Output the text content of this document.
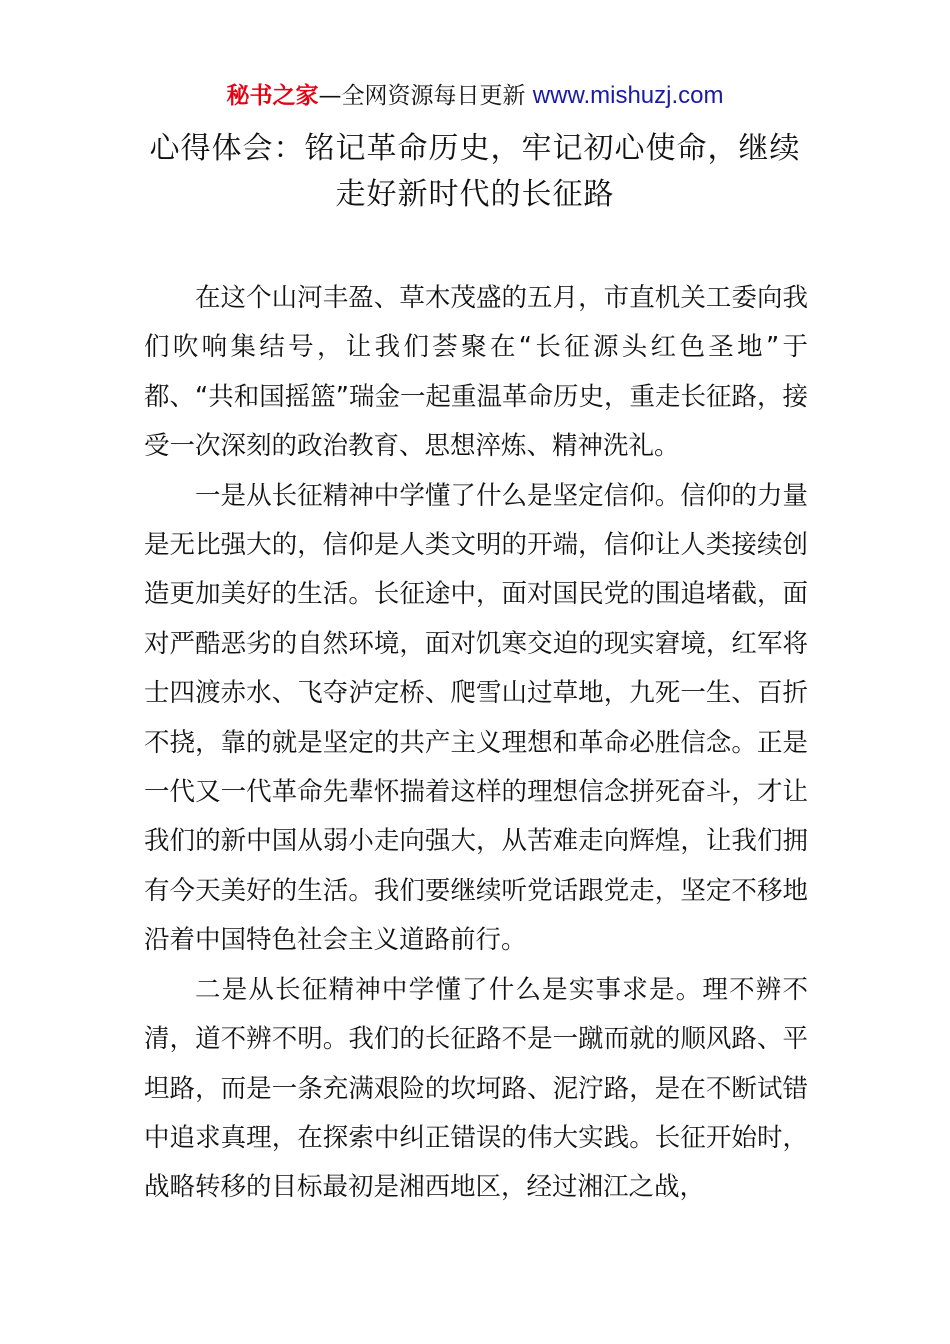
秘书之家—全网资源每日更新 www.mishuzj.com
心得体会：铭记革命历史，牢记初心使命，继续走好新时代的长征路

在这个山河丰盈、草木茂盛的五月，市直机关工委向我们吹响集结号，让我们荟聚在“长征源头红色圣地”于都、“共和国摇篮”瑞金一起重温革命历史，重走长征路，接受一次深刻的政治教育、思想淬炼、精神洗礼。

一是从长征精神中学懂了什么是坚定信仰。信仰的力量是无比强大的，信仰是人类文明的开端，信仰让人类接续创造更加美好的生活。长征途中，面对国民党的围追堵截，面对严酷恶劣的自然环境，面对饥寒交迫的现实窘境，红军将士四渡赤水、飞夺泸定桥、爬雪山过草地，九死一生、百折不挠，靠的就是坚定的共产主义理想和革命必胜信念。正是一代又一代革命先辈怀揣着这样的理想信念拼死奋斗，才让我们的新中国从弱小走向强大，从苦难走向辉煌，让我们拥有今天美好的生活。我们要继续听党话跟党走，坚定不移地沿着中国特色社会主义道路前行。

二是从长征精神中学懂了什么是实事求是。理不辨不清，道不辨不明。我们的长征路不是一蹴而就的顺风路、平坦路，而是一条充满艰险的坎坷路、泥泞路，是在不断试错中追求真理，在探索中纠正错误的伟大实践。长征开始时，战略转移的目标最初是湘西地区，经过湘江之战，
